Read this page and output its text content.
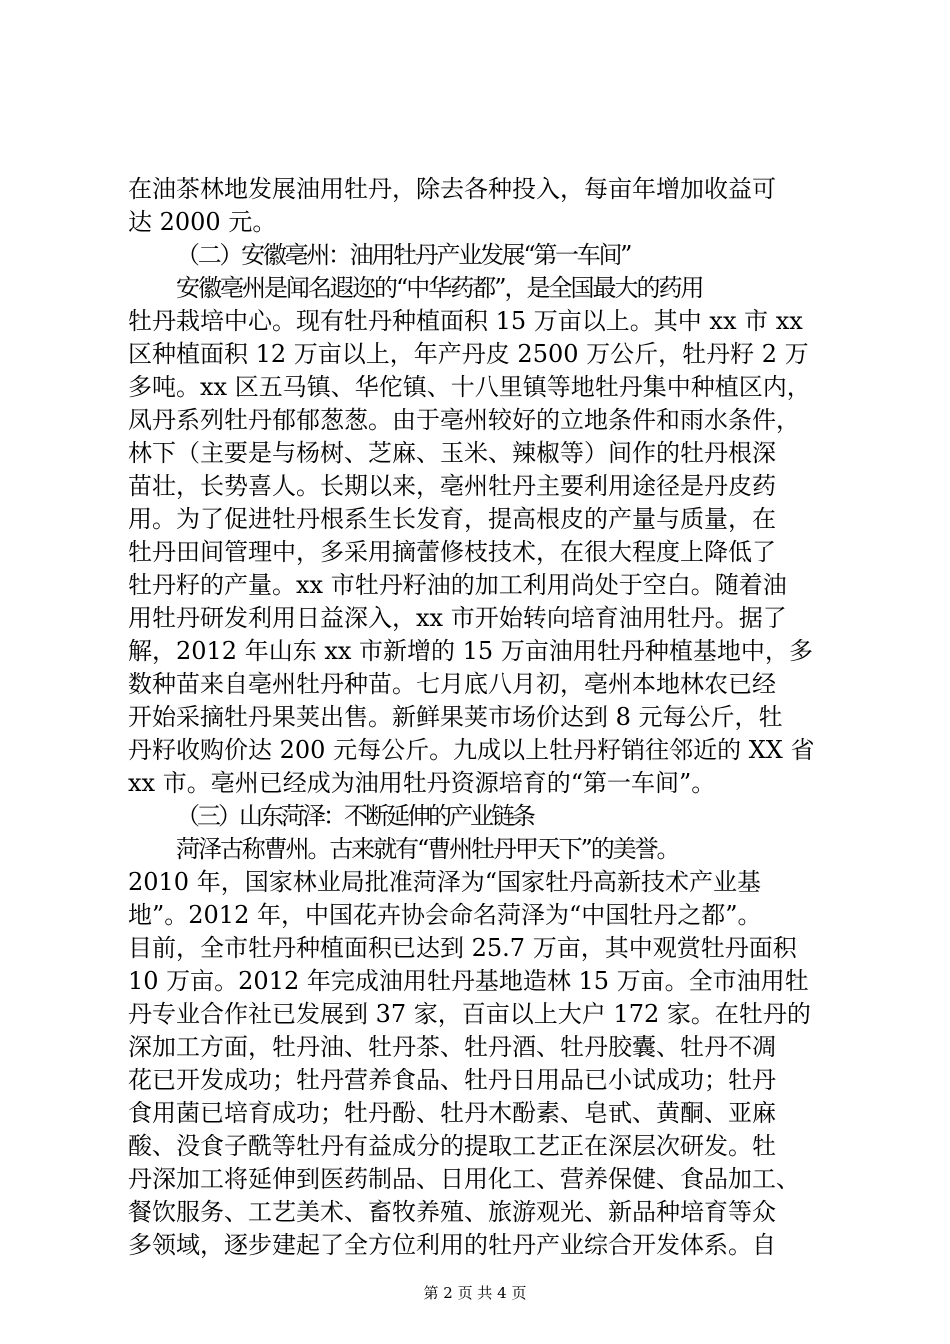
在油茶林地发展油用牡丹，除去各种投入，每亩年增加收益可
达 2000 元。
（二）安徽亳州：油用牡丹产业发展“第一车间”
安徽亳州是闻名遐迩的“中华药都”，是全国最大的药用
牡丹栽培中心。现有牡丹种植面积 15 万亩以上。其中 xx 市 xx
区种植面积 12 万亩以上，年产丹皮 2500 万公斤，牡丹籽 2 万
多吨。xx 区五马镇、华佗镇、十八里镇等地牡丹集中种植区内，
凤丹系列牡丹郁郁葱葱。由于亳州较好的立地条件和雨水条件，
林下（主要是与杨树、芝麻、玉米、辣椒等）间作的牡丹根深
苗壮，长势喜人。长期以来，亳州牡丹主要利用途径是丹皮药
用。为了促进牡丹根系生长发育，提高根皮的产量与质量，在
牡丹田间管理中，多采用摘蕾修枝技术，在很大程度上降低了
牡丹籽的产量。xx 市牡丹籽油的加工利用尚处于空白。随着油
用牡丹研发利用日益深入，xx 市开始转向培育油用牡丹。据了
解，2012 年山东 xx 市新增的 15 万亩油用牡丹种植基地中，多
数种苗来自亳州牡丹种苗。七月底八月初，亳州本地林农已经
开始采摘牡丹果荚出售。新鲜果荚市场价达到 8 元每公斤，牡
丹籽收购价达 200 元每公斤。九成以上牡丹籽销往邻近的 XX 省
xx 市。亳州已经成为油用牡丹资源培育的“第一车间”。
（三）山东菏泽：不断延伸的产业链条
菏泽古称曹州。古来就有“曹州牡丹甲天下”的美誉。
2010 年，国家林业局批准菏泽为“国家牡丹高新技术产业基
地”。2012 年，中国花卉协会命名菏泽为“中国牡丹之都”。
目前，全市牡丹种植面积已达到 25.7 万亩，其中观赏牡丹面积
10 万亩。2012 年完成油用牡丹基地造林 15 万亩。全市油用牡
丹专业合作社已发展到 37 家，百亩以上大户 172 家。在牡丹的
深加工方面，牡丹油、牡丹茶、牡丹酒、牡丹胶囊、牡丹不凋
花已开发成功；牡丹营养食品、牡丹日用品已小试成功；牡丹
食用菌已培育成功；牡丹酚、牡丹木酚素、皂甙、黄酮、亚麻
酸、没食子酰等牡丹有益成分的提取工艺正在深层次研发。牡
丹深加工将延伸到医药制品、日用化工、营养保健、食品加工、
餐饮服务、工艺美术、畜牧养殖、旅游观光、新品种培育等众
多领域，逐步建起了全方位利用的牡丹产业综合开发体系。自
第 2 页 共 4 页
